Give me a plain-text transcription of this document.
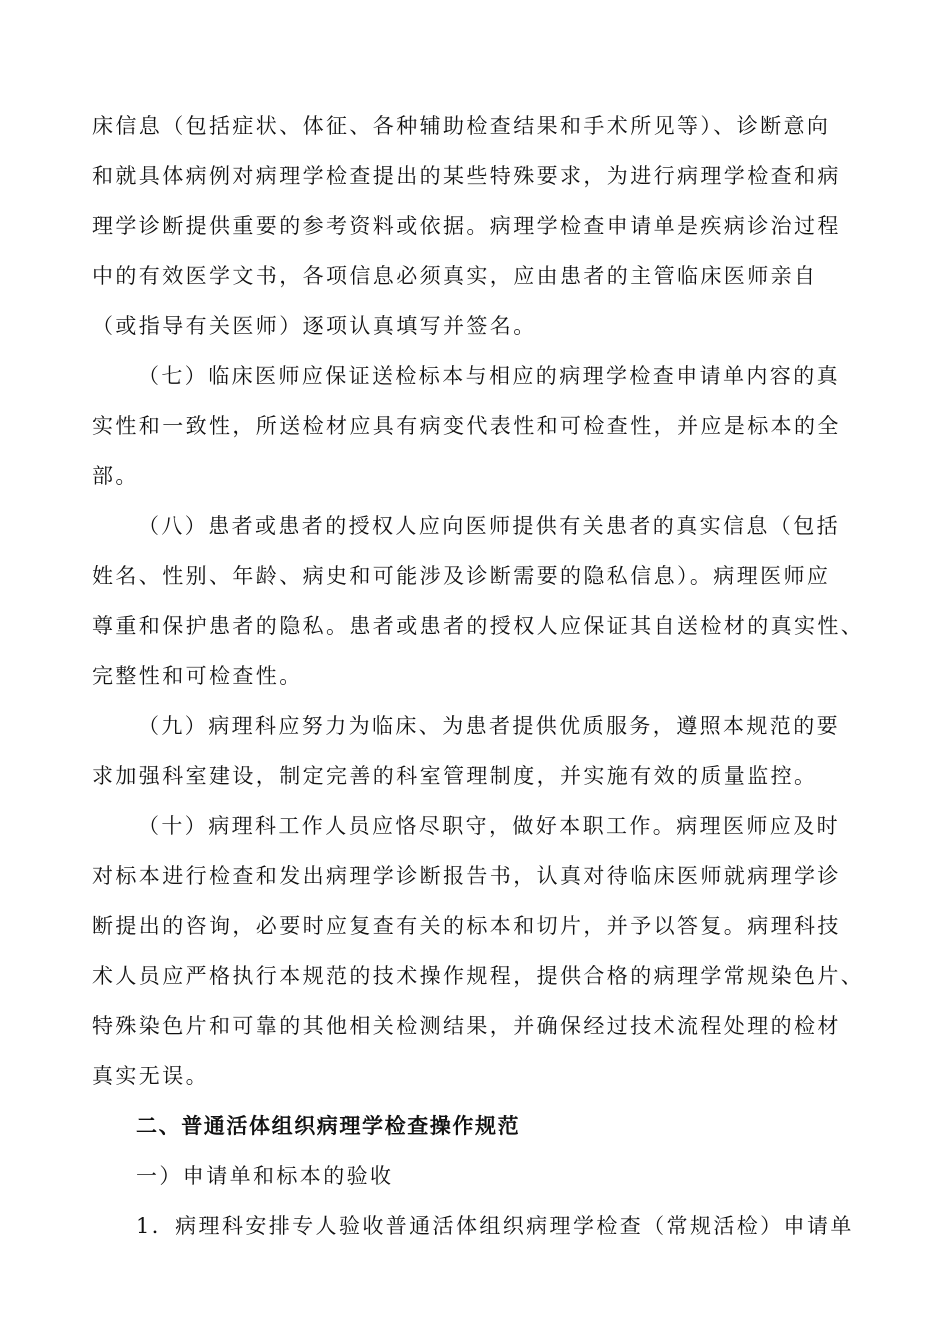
床信息（包括症状、体征、各种辅助检查结果和手术所见等）、诊断意向
和就具体病例对病理学检查提出的某些特殊要求，为进行病理学检查和病
理学诊断提供重要的参考资料或依据。病理学检查申请单是疾病诊治过程
中的有效医学文书，各项信息必须真实，应由患者的主管临床医师亲自
（或指导有关医师）逐项认真填写并签名。
（七）临床医师应保证送检标本与相应的病理学检查申请单内容的真
实性和一致性，所送检材应具有病变代表性和可检查性，并应是标本的全
部。
（八）患者或患者的授权人应向医师提供有关患者的真实信息（包括
姓名、性别、年龄、病史和可能涉及诊断需要的隐私信息）。病理医师应
尊重和保护患者的隐私。患者或患者的授权人应保证其自送检材的真实性、
完整性和可检查性。
（九）病理科应努力为临床、为患者提供优质服务，遵照本规范的要
求加强科室建设，制定完善的科室管理制度，并实施有效的质量监控。
（十）病理科工作人员应恪尽职守，做好本职工作。病理医师应及时
对标本进行检查和发出病理学诊断报告书，认真对待临床医师就病理学诊
断提出的咨询，必要时应复查有关的标本和切片，并予以答复。病理科技
术人员应严格执行本规范的技术操作规程，提供合格的病理学常规染色片、
特殊染色片和可靠的其他相关检测结果，并确保经过技术流程处理的检材
真实无误。
二、普通活体组织病理学检查操作规范
一）申请单和标本的验收
1．病理科安排专人验收普通活体组织病理学检查（常规活检）申请单
